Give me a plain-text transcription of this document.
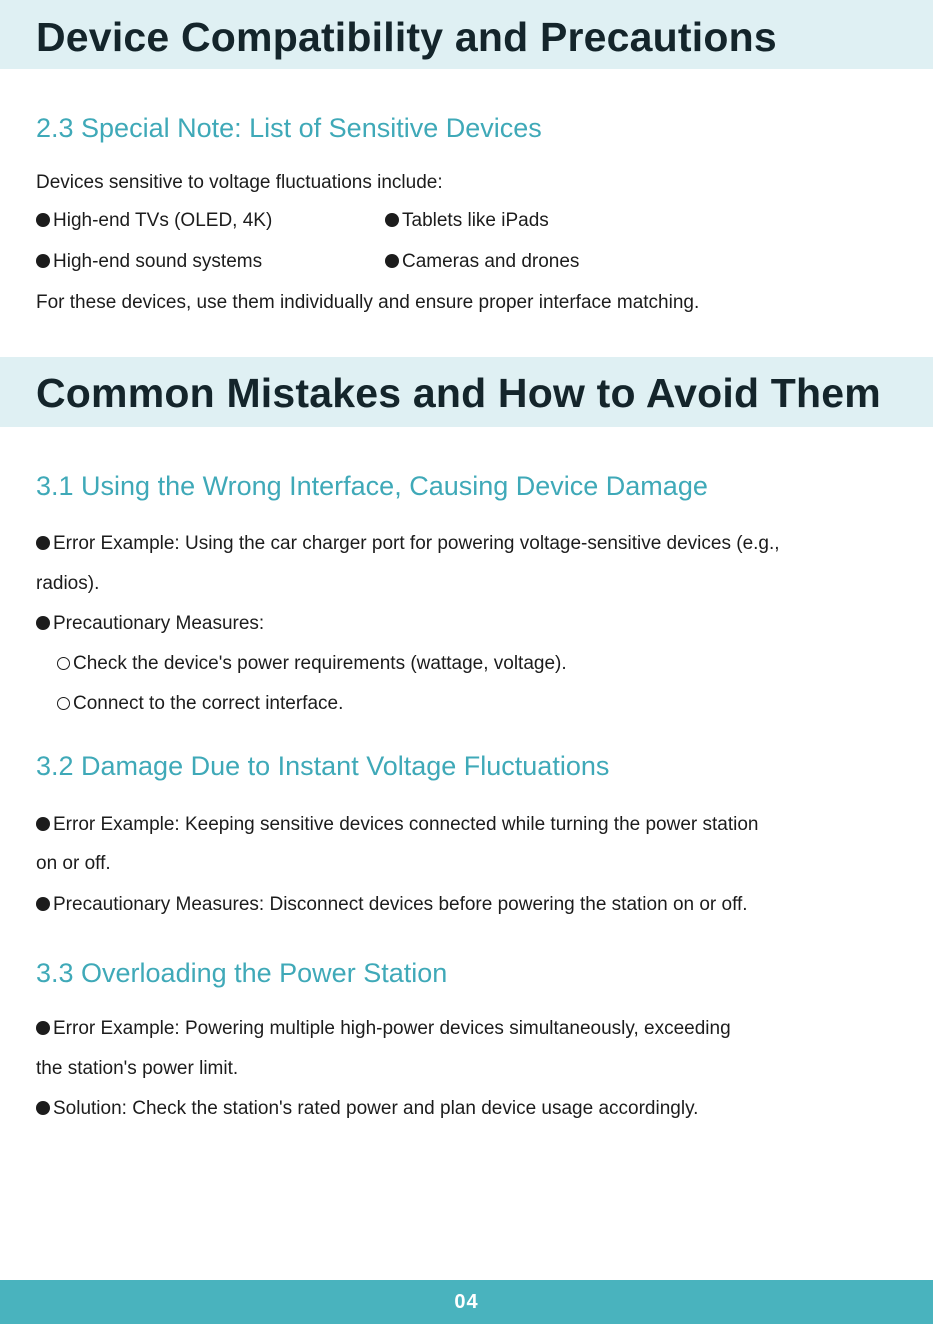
Device Compatibility and Precautions
2.3 Special Note: List of Sensitive Devices

Devices sensitive to voltage fluctuations include:

High-end TVs (OLED, 4K)	Tablets like iPads

High-end sound systems	Cameras and drones

For these devices, use them individually and ensure proper interface matching.

Common Mistakes and How to Avoid Them
3.1 Using the Wrong Interface, Causing Device Damage

Error Example: Using the car charger port for powering voltage-sensitive devices (e.g.,

radios).

Precautionary Measures:

Check the device's power requirements (wattage, voltage).

Connect to the correct interface.

3.2 Damage Due to Instant Voltage Fluctuations

Error Example: Keeping sensitive devices connected while turning the power station

on or off.

Precautionary Measures: Disconnect devices before powering the station on or off.

3.3 Overloading the Power Station

Error Example: Powering multiple high-power devices simultaneously, exceeding

the station's power limit.

Solution: Check the station's rated power and plan device usage accordingly.

04
